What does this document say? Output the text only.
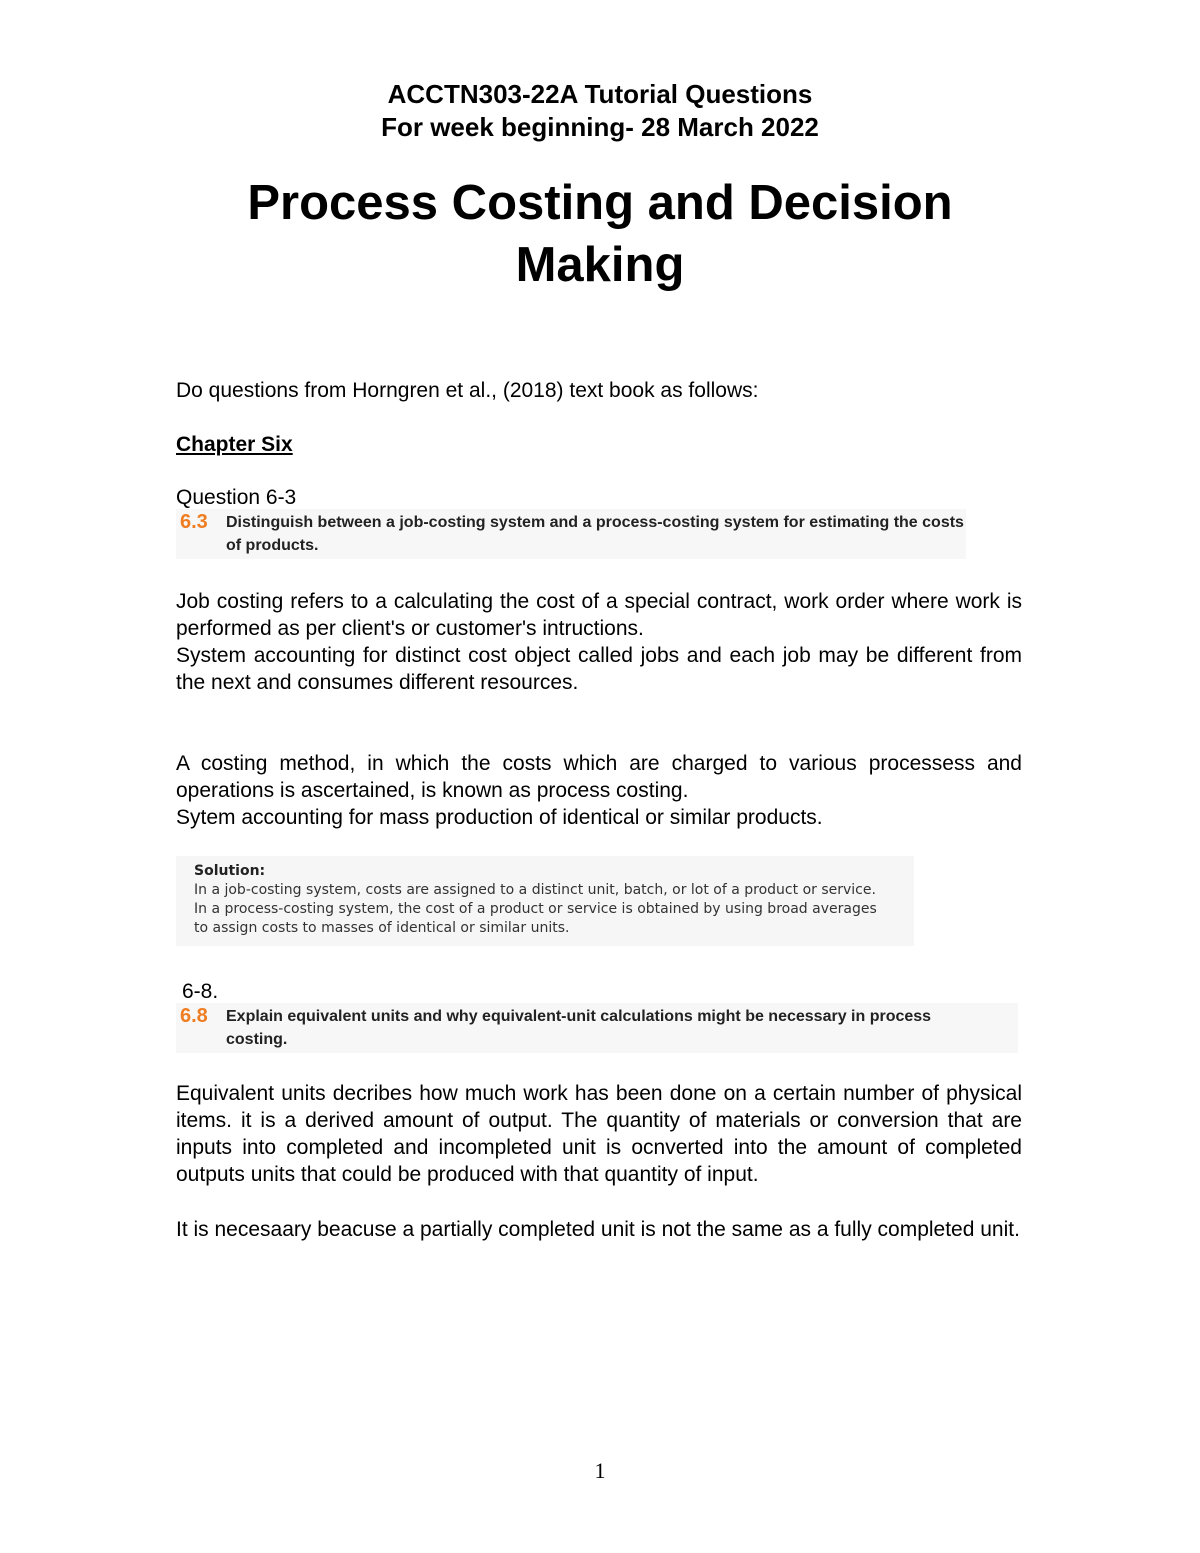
ACCTN303-22A Tutorial Questions
For week beginning- 28 March 2022
Process Costing and Decision
Making
Do questions from Horngren et al., (2018) text book as follows:
Chapter Six
Question 6-3
6.3 Distinguish between a job-costing system and a process-costing system for estimating the costs
of products.
Job costing refers to a calculating the cost of a special contract, work order where work is performed as per client's or customer's intructions.
System accounting for distinct cost object called jobs and each job may be different from the next and consumes different resources.
A costing method, in which the costs which are charged to various processess and operations is ascertained, is known as process costing.
Sytem accounting for mass production of identical or similar products.
Solution:
In a job-costing system, costs are assigned to a distinct unit, batch, or lot of a product or service.
In a process-costing system, the cost of a product or service is obtained by using broad averages
to assign costs to masses of identical or similar units.
6-8.
6.8 Explain equivalent units and why equivalent-unit calculations might be necessary in process
costing.
Equivalent units decribes how much work has been done on a certain number of physical items. it is a derived amount of output. The quantity of materials or conversion that are inputs into completed and incompleted unit is ocnverted into the amount of completed outputs units that could be produced with that quantity of input.
It is necesaary beacuse a partially completed unit is not the same as a fully completed unit.
1
